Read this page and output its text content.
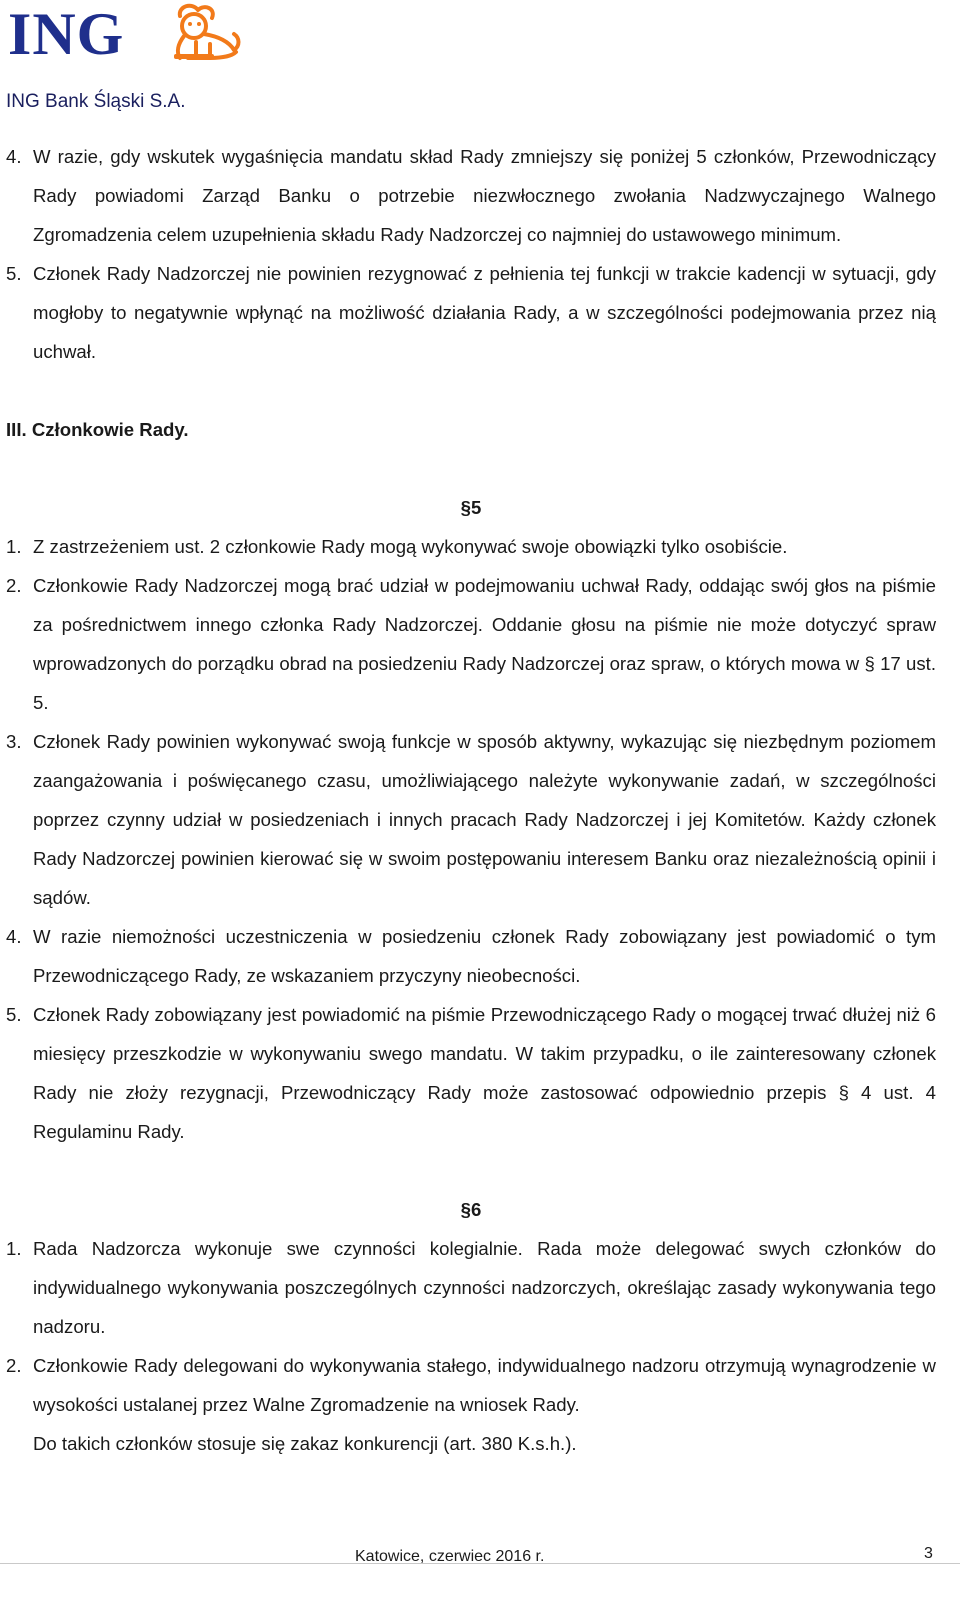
ING
ING Bank Śląski S.A.
4. W razie, gdy wskutek wygaśnięcia mandatu skład Rady zmniejszy się poniżej 5 członków, Przewodniczący Rady powiadomi Zarząd Banku o potrzebie niezwłocznego zwołania Nadzwyczajnego Walnego Zgromadzenia celem uzupełnienia składu Rady Nadzorczej co najmniej do ustawowego minimum.
5. Członek Rady Nadzorczej nie powinien rezygnować z pełnienia tej funkcji w trakcie kadencji w sytuacji, gdy mogłoby to negatywnie wpłynąć na możliwość działania Rady, a w szczególności podejmowania przez nią uchwał.
III. Członkowie Rady.
§5
1. Z zastrzeżeniem ust. 2 członkowie Rady mogą wykonywać swoje obowiązki tylko osobiście.
2. Członkowie Rady Nadzorczej mogą brać udział w podejmowaniu uchwał Rady, oddając swój głos na piśmie za pośrednictwem innego członka Rady Nadzorczej. Oddanie głosu na piśmie nie może dotyczyć spraw wprowadzonych do porządku obrad na posiedzeniu Rady Nadzorczej oraz spraw, o których mowa w § 17 ust. 5.
3. Członek Rady powinien wykonywać swoją funkcje w sposób aktywny, wykazując się niezbędnym poziomem zaangażowania i poświęcanego czasu, umożliwiającego należyte wykonywanie zadań, w szczególności poprzez czynny udział w posiedzeniach i innych pracach Rady Nadzorczej i jej Komitetów. Każdy członek Rady Nadzorczej powinien kierować się w swoim postępowaniu interesem Banku oraz niezależnością opinii i sądów.
4. W razie niemożności uczestniczenia w posiedzeniu członek Rady zobowiązany jest powiadomić o tym Przewodniczącego Rady, ze wskazaniem przyczyny nieobecności.
5. Członek Rady zobowiązany jest powiadomić na piśmie Przewodniczącego Rady o mogącej trwać dłużej niż 6 miesięcy przeszkodzie w wykonywaniu swego mandatu. W takim przypadku, o ile zainteresowany członek Rady nie złoży rezygnacji, Przewodniczący Rady może zastosować odpowiednio przepis § 4 ust. 4 Regulaminu Rady.
§6
1. Rada Nadzorcza wykonuje swe czynności kolegialnie. Rada może delegować swych członków do indywidualnego wykonywania poszczególnych czynności nadzorczych, określając zasady wykonywania tego nadzoru.
2. Członkowie Rady delegowani do wykonywania stałego, indywidualnego nadzoru otrzymują wynagrodzenie w wysokości ustalanej przez Walne Zgromadzenie na wniosek Rady.
Do takich członków stosuje się zakaz konkurencji (art. 380 K.s.h.).
Katowice, czerwiec 2016 r.	3
